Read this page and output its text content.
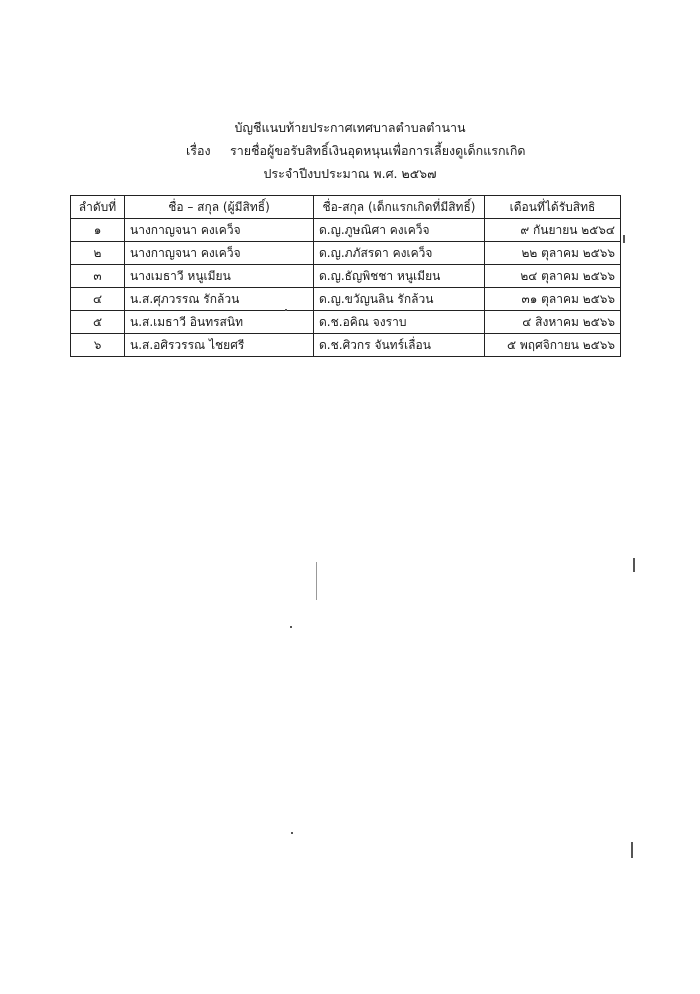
บัญชีแนบท้ายประกาศเทศบาลตำบลตำนาน
เรื่อง รายชื่อผู้ขอรับสิทธิ์เงินอุดหนุนเพื่อการเลี้ยงดูเด็กแรกเกิด
ประจำปีงบประมาณ พ.ศ. ๒๕๖๗
ลำดับที่	ชื่อ – สกุล (ผู้มีสิทธิ์)	ชื่อ-สกุล (เด็กแรกเกิดที่มีสิทธิ์)	เดือนที่ได้รับสิทธิ
๑	นางกาญจนา คงเคว็จ	ด.ญ.ภูษณิศา คงเคว็จ	๙ กันยายน ๒๕๖๔
๒	นางกาญจนา คงเคว็จ	ด.ญ.ภภัสรดา คงเคว็จ	๒๒ ตุลาคม ๒๕๖๖
๓	นางเมธาวี หนูเมียน	ด.ญ.ธัญพิชชา หนูเมียน	๒๔ ตุลาคม ๒๕๖๖
๔	น.ส.ศุภวรรณ รักล้วน	ด.ญ.ขวัญนลิน รักล้วน	๓๑ ตุลาคม ๒๕๖๖
๕	น.ส.เมธาวี อินทรสนิท	ด.ช.อคิณ จงราบ	๔ สิงหาคม ๒๕๖๖
๖	น.ส.อศิรวรรณ ไชยศรี	ด.ช.ศิวกร จันทร์เลื่อน	๕ พฤศจิกายน ๒๕๖๖
